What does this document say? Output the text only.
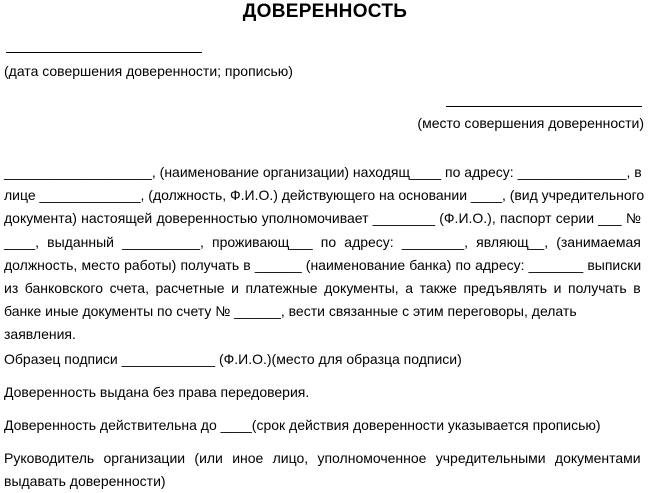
ДОВЕРЕННОСТЬ
(дата совершения доверенности; прописью)
(место совершения доверенности)
___________________, (наименование организации) находящ____ по адресу: ______________, в
лице _____________, (должность, Ф.И.О.) действующего на основании ____, (вид учредительного
документа) настоящей доверенностью уполномочивает ________ (Ф.И.О.), паспорт серии ___ №
____, выданный __________, проживающ___ по адресу: ________, являющ__, (занимаемая
должность, место работы) получать в ______ (наименование банка) по адресу: _______ выписки
из банковского счета, расчетные и платежные документы, а также предъявлять и получать в
банке иные документы по счету № ______, вести связанные с этим переговоры, делать
заявления.
Образец подписи ____________ (Ф.И.О.)(место для образца подписи)
Доверенность выдана без права передоверия.
Доверенность действительна до ____(срок действия доверенности указывается прописью)
Руководитель организации (или иное лицо, уполномоченное учредительными документами
выдавать доверенности)
